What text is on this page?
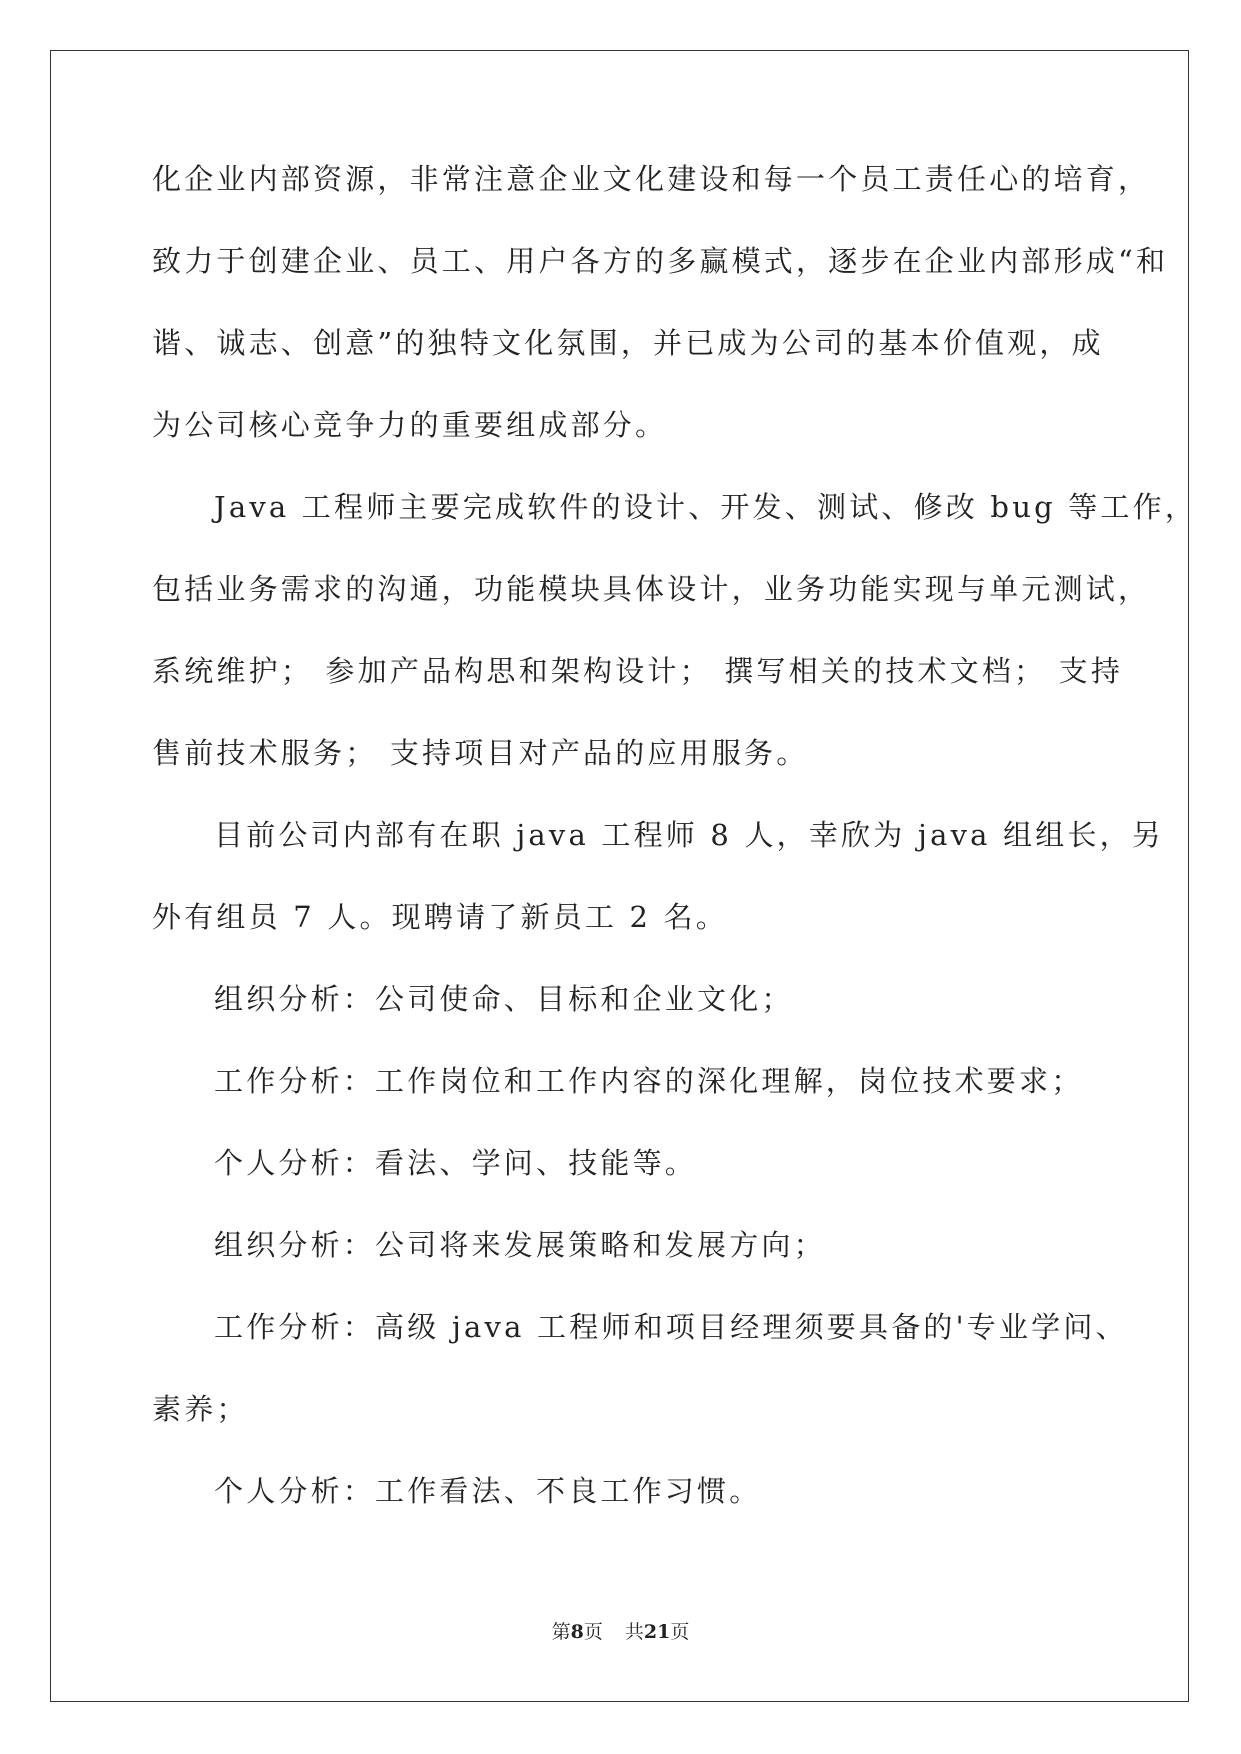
化企业内部资源，非常注意企业文化建设和每一个员工责任心的培育，
致力于创建企业、员工、用户各方的多赢模式，逐步在企业内部形成“和
谐、诚志、创意”的独特文化氛围，并已成为公司的基本价值观，成
为公司核心竞争力的重要组成部分。
Java 工程师主要完成软件的设计、开发、测试、修改 bug 等工作，
包括业务需求的沟通，功能模块具体设计，业务功能实现与单元测试，
系统维护； 参加产品构思和架构设计； 撰写相关的技术文档； 支持
售前技术服务； 支持项目对产品的应用服务。
目前公司内部有在职 java 工程师 8 人，幸欣为 java 组组长，另
外有组员 7 人。现聘请了新员工 2 名。
组织分析：公司使命、目标和企业文化；
工作分析：工作岗位和工作内容的深化理解，岗位技术要求；
个人分析：看法、学问、技能等。
组织分析：公司将来发展策略和发展方向；
工作分析：高级 java 工程师和项目经理须要具备的'专业学问、
素养；
个人分析：工作看法、不良工作习惯。
第8页 共21页
